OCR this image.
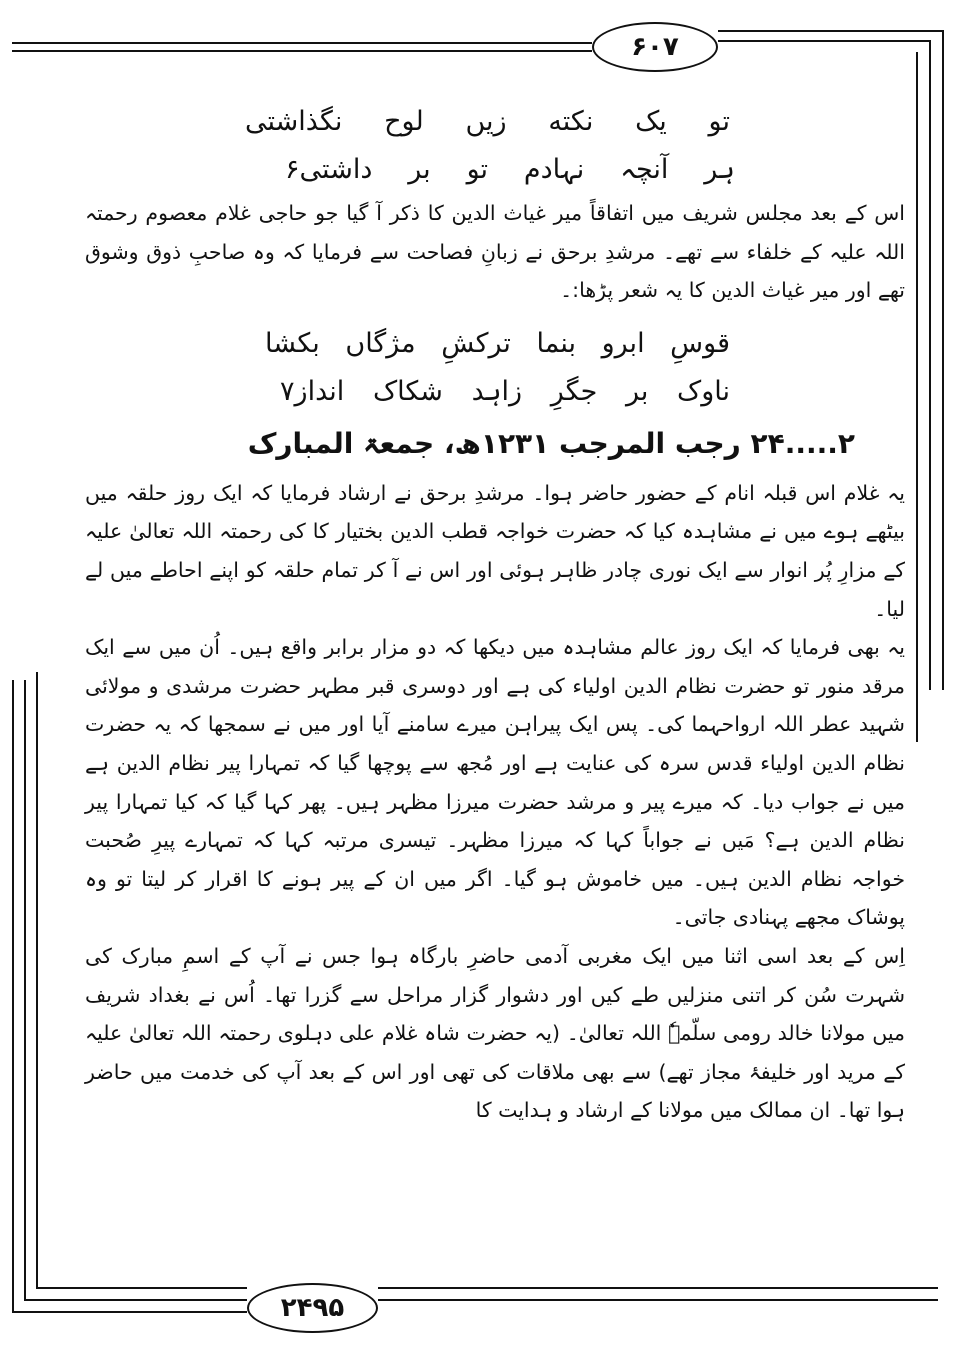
۶۰۷
۲۴۹۵
تو
یک
نکته
زیں
لوح
نگذاشتی
ہر
آنچہ
نہادم
تو
بر
داشتی۶

اس کے بعد مجلس شریف میں اتفاقاً میر غیاث الدین کا ذکر آ گیا جو حاجی غلام معصوم رحمتہ اللہ علیہ کے خلفاء سے تھے۔ مرشدِ برحق نے زبانِ فصاحت سے فرمایا کہ وہ صاحبِ ذوق وشوق تھے اور میر غیاث الدین کا یہ شعر پڑھا:۔

قوسِ
ابرو
بنما
ترکشِ
مژگاں
بکشا
ناوک
بر
جگرِ
زاہد
شکاک
انداز۷
۲.....۲۴ رجب المرجب ۱۲۳۱ھ، جمعۃ المبارک

یہ غلام اس قبلہ انام کے حضور حاضر ہوا۔ مرشدِ برحق نے ارشاد فرمایا کہ ایک روز حلقہ میں بیٹھے ہوے میں نے مشاہدہ کیا کہ حضرت خواجہ قطب الدین بختیار کا کی رحمتہ اللہ تعالیٰ علیہ کے مزارِ پُر انوار سے ایک نوری چادر ظاہر ہوئی اور اس نے آ کر تمام حلقہ کو اپنے احاطے میں لے لیا۔

یہ بھی فرمایا کہ ایک روز عالم مشاہدہ میں دیکھا کہ دو مزار برابر واقع ہیں۔ اُن میں سے ایک مرقد منور تو حضرت نظام الدین اولیاء کی ہے اور دوسری قبر مطہر حضرت مرشدی و مولائی شہید عطر اللہ ارواحہما کی۔ پس ایک پیراہن میرے سامنے آیا اور میں نے سمجھا کہ یہ حضرت نظام الدین اولیاء قدس سرہ کی عنایت ہے اور مُجھ سے پوچھا گیا کہ تمہارا پیر نظام الدین ہے میں نے جواب دیا۔ کہ میرے پیر و مرشد حضرت میرزا مظہر ہیں۔ پھر کہا گیا کہ کیا تمہارا پیر نظام الدین ہے؟ مَیں نے جواباً کہا کہ میرزا مظہر۔ تیسری مرتبہ کہا کہ تمہارے پیرِ صُحبت خواجہ نظام الدین ہیں۔ میں خاموش ہو گیا۔ اگر میں ان کے پیر ہونے کا اقرار کر لیتا تو وہ پوشاک مجھے پہنادی جاتی۔

اِس کے بعد اسی اثنا میں ایک مغربی آدمی حاضرِ بارگاہ ہوا جس نے آپ کے اسمِ مبارک کی شہرت سُن کر اتنی منزلیں طے کیں اور دشوار گزار مراحل سے گزرا تھا۔ اُس نے بغداد شریف میں مولانا خالد رومی سلّمہٗ اللہ تعالیٰ۔ (یہ حضرت شاہ غلام علی دہلوی رحمتہ اللہ تعالیٰ علیہ کے مرید اور خلیفۂ مجاز تھے) سے بھی ملاقات کی تھی اور اس کے بعد آپ کی خدمت میں حاضر ہوا تھا۔ ان ممالک میں مولانا کے ارشاد و ہدایت کا
